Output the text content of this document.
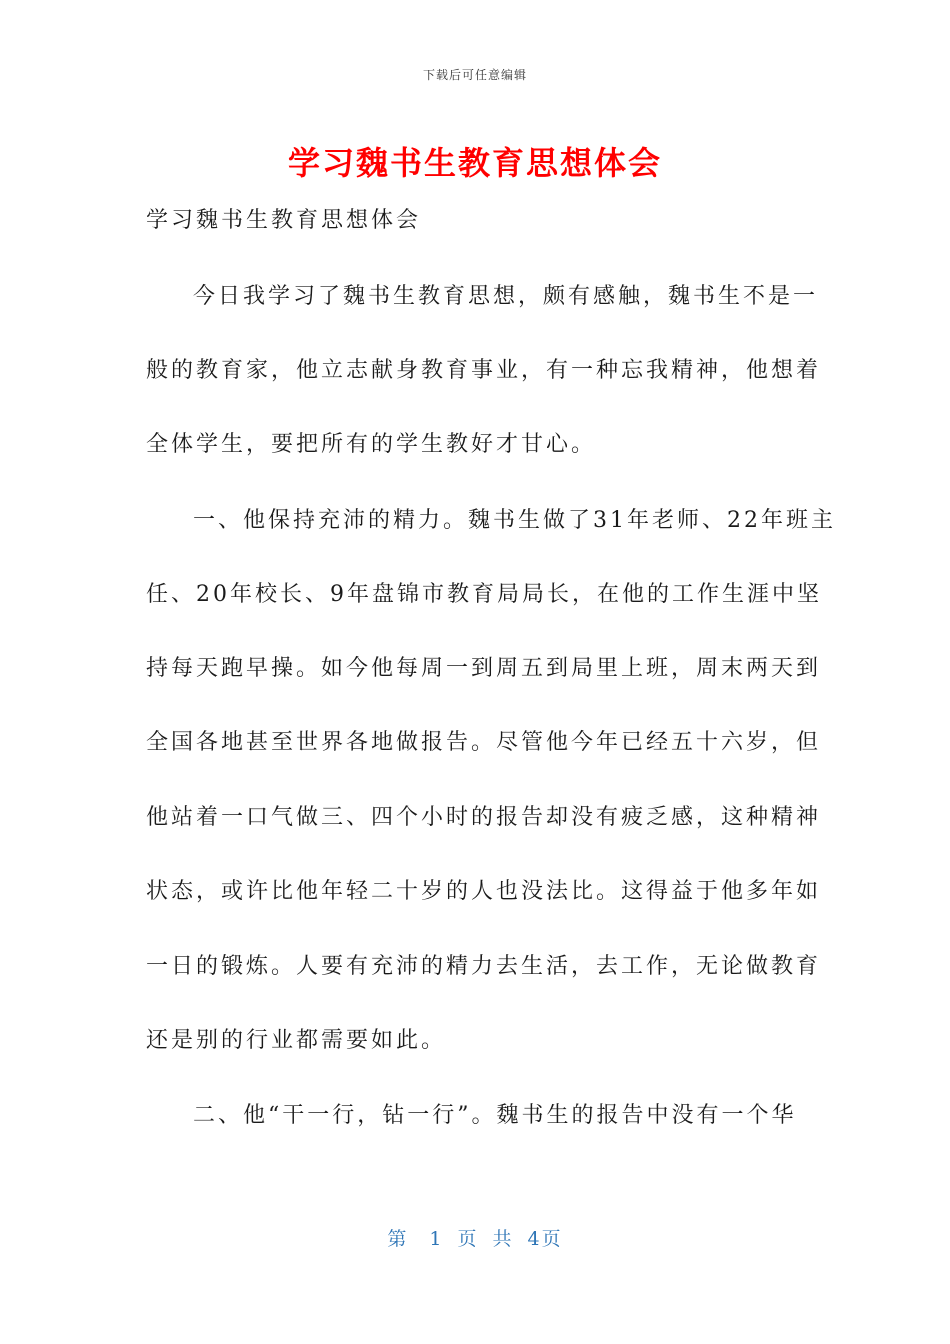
下载后可任意编辑
学习魏书生教育思想体会
学习魏书生教育思想体会
今日我学习了魏书生教育思想，颇有感触，魏书生不是一
般的教育家，他立志献身教育事业，有一种忘我精神，他想着
全体学生，要把所有的学生教好才甘心。
一、他保持充沛的精力。魏书生做了31年老师、22年班主
任、20年校长、9年盘锦市教育局局长，在他的工作生涯中坚
持每天跑早操。如今他每周一到周五到局里上班，周末两天到
全国各地甚至世界各地做报告。尽管他今年已经五十六岁，但
他站着一口气做三、四个小时的报告却没有疲乏感，这种精神
状态，或许比他年轻二十岁的人也没法比。这得益于他多年如
一日的锻炼。人要有充沛的精力去生活，去工作，无论做教育
还是别的行业都需要如此。
二、他“干一行，钻一行”。魏书生的报告中没有一个华
第　1 页 共 4页
